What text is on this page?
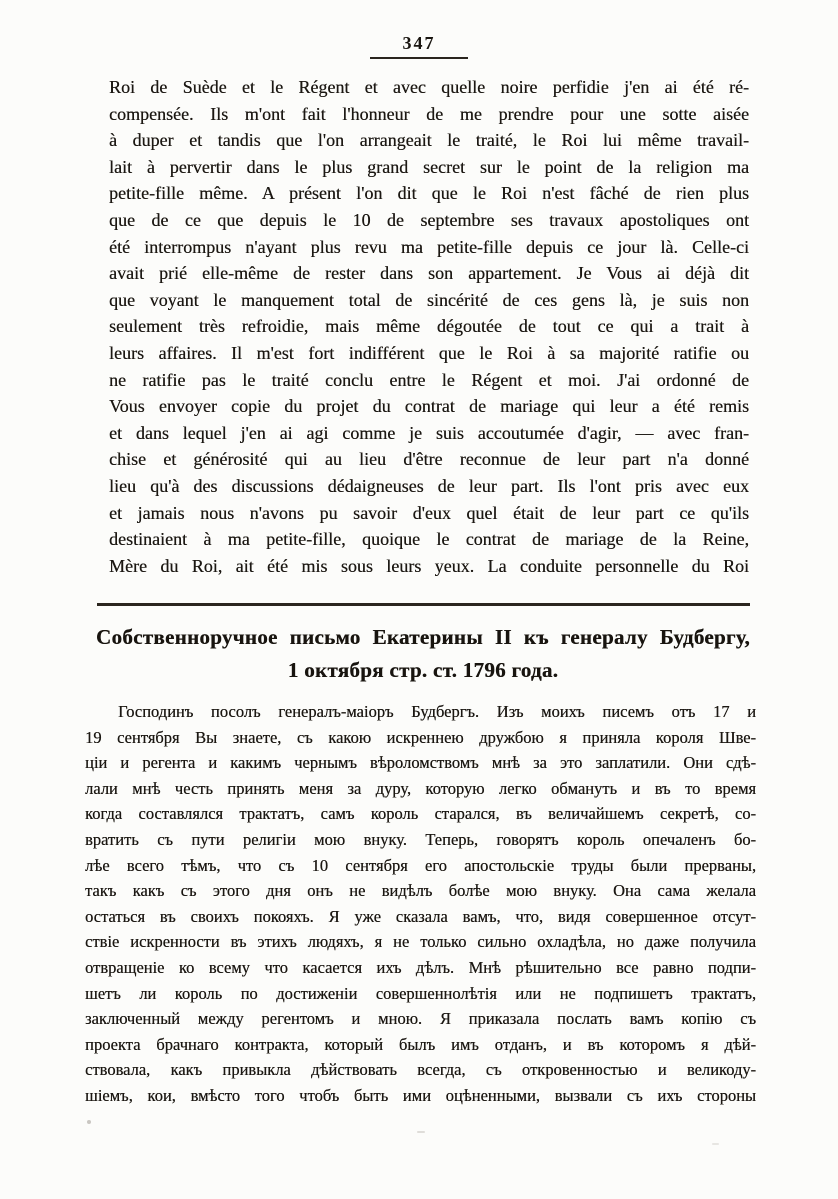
347
Roi de Suède et le Régent et avec quelle noire perfidie j'en ai été ré-
compensée. Ils m'ont fait l'honneur de me prendre pour une sotte aisée
à duper et tandis que l'on arrangeait le traité, le Roi lui même travail-
lait à pervertir dans le plus grand secret sur le point de la religion ma
petite-fille même. A présent l'on dit que le Roi n'est fâché de rien plus
que de ce que depuis le 10 de septembre ses travaux apostoliques ont
été interrompus n'ayant plus revu ma petite-fille depuis ce jour là. Celle-ci
avait prié elle-même de rester dans son appartement. Je Vous ai déjà dit
que voyant le manquement total de sincérité de ces gens là, je suis non
seulement très refroidie, mais même dégoutée de tout ce qui a trait à
leurs affaires. Il m'est fort indifférent que le Roi à sa majorité ratifie ou
ne ratifie pas le traité conclu entre le Régent et moi. J'ai ordonné de
Vous envoyer copie du projet du contrat de mariage qui leur a été remis
et dans lequel j'en ai agi comme je suis accoutumée d'agir, — avec fran-
chise et générosité qui au lieu d'être reconnue de leur part n'a donné
lieu qu'à des discussions dédaigneuses de leur part. Ils l'ont pris avec eux
et jamais nous n'avons pu savoir d'eux quel était de leur part ce qu'ils
destinaient à ma petite-fille, quoique le contrat de mariage de la Reine,
Mère du Roi, ait été mis sous leurs yeux. La conduite personnelle du Roi
Собственноручное письмо Екатерины II къ генералу Будбергу,
1 октября стр. ст. 1796 года.
Господинъ посолъ генералъ-маіоръ Будбергъ. Изъ моихъ писемъ отъ 17 и
19 сентября Вы знаете, съ какою искреннею дружбою я приняла короля Шве-
ціи и регента и какимъ чернымъ вѣроломствомъ мнѣ за это заплатили. Они сдѣ-
лали мнѣ честь принять меня за дуру, которую легко обмануть и въ то время
когда составлялся трактатъ, самъ король старался, въ величайшемъ секретѣ, со-
вратить съ пути религіи мою внуку. Теперь, говорятъ король опечаленъ бо-
лѣе всего тѣмъ, что съ 10 сентября его апостольскіе труды были прерваны,
такъ какъ съ этого дня онъ не видѣлъ болѣе мою внуку. Она сама желала
остаться въ своихъ покояхъ. Я уже сказала вамъ, что, видя совершенное отсут-
ствіе искренности въ этихъ людяхъ, я не только сильно охладѣла, но даже получила
отвращеніе ко всему что касается ихъ дѣлъ. Мнѣ рѣшительно все равно подпи-
шетъ ли король по достиженіи совершеннолѣтія или не подпишетъ трактатъ,
заключенный между регентомъ и мною. Я приказала послать вамъ копію съ
проекта брачнаго контракта, который былъ имъ отданъ, и въ которомъ я дѣй-
ствовала, какъ привыкла дѣйствовать всегда, съ откровенностью и великоду-
шіемъ, кои, вмѣсто того чтобъ быть ими оцѣненными, вызвали съ ихъ стороны
